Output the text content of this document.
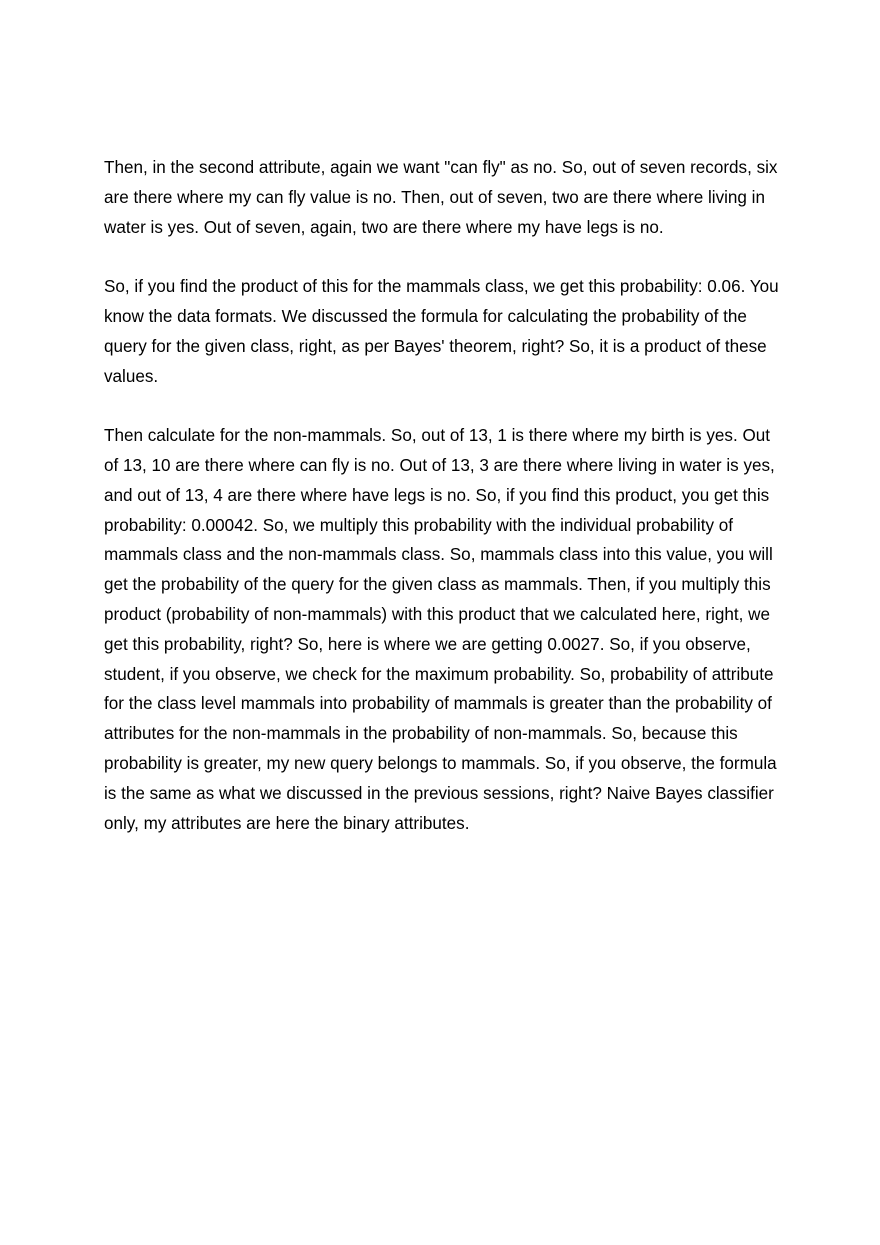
Then, in the second attribute, again we want "can fly" as no. So, out of seven records, six are there where my can fly value is no. Then, out of seven, two are there where living in water is yes. Out of seven, again, two are there where my have legs is no.

So, if you find the product of this for the mammals class, we get this probability: 0.06. You know the data formats. We discussed the formula for calculating the probability of the query for the given class, right, as per Bayes' theorem, right? So, it is a product of these values.

Then calculate for the non-mammals. So, out of 13, 1 is there where my birth is yes. Out of 13, 10 are there where can fly is no. Out of 13, 3 are there where living in water is yes, and out of 13, 4 are there where have legs is no. So, if you find this product, you get this probability: 0.00042. So, we multiply this probability with the individual probability of mammals class and the non-mammals class. So, mammals class into this value, you will get the probability of the query for the given class as mammals. Then, if you multiply this product (probability of non-mammals) with this product that we calculated here, right, we get this probability, right? So, here is where we are getting 0.0027. So, if you observe, student, if you observe, we check for the maximum probability. So, probability of attribute for the class level mammals into probability of mammals is greater than the probability of attributes for the non-mammals in the probability of non-mammals. So, because this probability is greater, my new query belongs to mammals. So, if you observe, the formula is the same as what we discussed in the previous sessions, right? Naive Bayes classifier only, my attributes are here the binary attributes.
